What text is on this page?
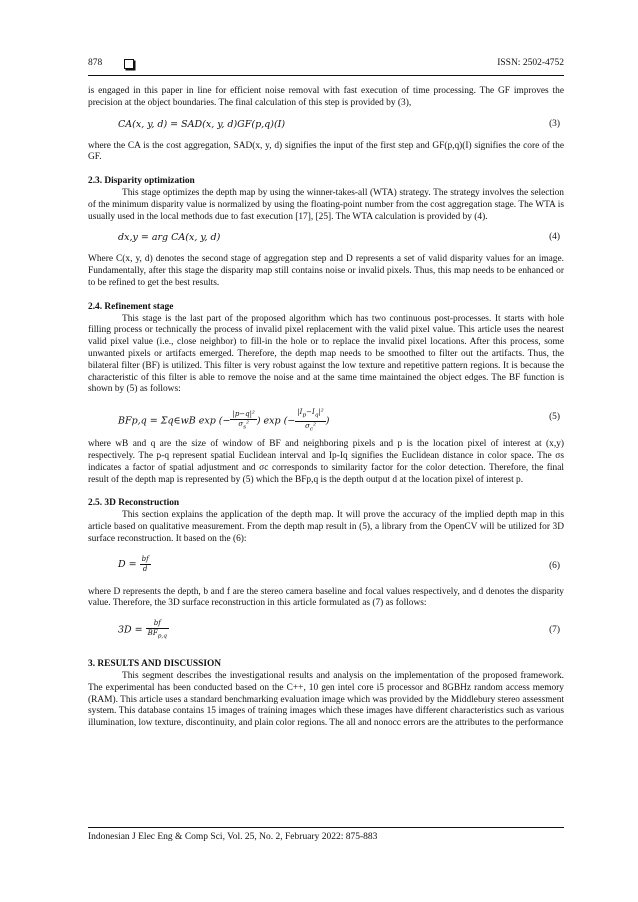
878	ISSN: 2502-4752

is engaged in this paper in line for efficient noise removal with fast execution of time processing. The GF improves the precision at the object boundaries. The final calculation of this step is provided by (3),

CA(x, y, d) = SAD(x, y, d)GF(p,q)(I)	(3)

where the CA is the cost aggregation, SAD(x, y, d) signifies the input of the first step and GF(p,q)(I) signifies the core of the GF.

2.3. Disparity optimization

This stage optimizes the depth map by using the winner-takes-all (WTA) strategy. The strategy involves the selection of the minimum disparity value is normalized by using the floating-point number from the cost aggregation stage. The WTA is usually used in the local methods due to fast execution [17], [25]. The WTA calculation is provided by (4).

dx,y = arg CA(x, y, d)	(4)

Where C(x, y, d) denotes the second stage of aggregation step and D represents a set of valid disparity values for an image. Fundamentally, after this stage the disparity map still contains noise or invalid pixels. Thus, this map needs to be enhanced or to be refined to get the best results.

2.4. Refinement stage

This stage is the last part of the proposed algorithm which has two continuous post-processes. It starts with hole filling process or technically the process of invalid pixel replacement with the valid pixel value. This article uses the nearest valid pixel value (i.e., close neighbor) to fill-in the hole or to replace the invalid pixel locations. After this process, some unwanted pixels or artifacts emerged. Therefore, the depth map needs to be smoothed to filter out the artifacts. Thus, the bilateral filter (BF) is utilized. This filter is very robust against the low texture and repetitive pattern regions. It is because the characteristic of this filter is able to remove the noise and at the same time maintained the object edges. The BF function is shown by (5) as follows:

BFp,q = Σq∈wB exp (− $\frac{\text{|p−q|²}}{\sigma_s^2}$ ) exp (− $\frac{|I_p-I_q|^2}{\sigma_c^2}$ )	(5)

where wB and q are the size of window of BF and neighboring pixels and p is the location pixel of interest at (x,y) respectively. The p-q represent spatial Euclidean interval and Ip-Iq signifies the Euclidean distance in color space. The σs indicates a factor of spatial adjustment and σc corresponds to similarity factor for the color detection. Therefore, the final result of the depth map is represented by (5) which the BFp,q is the depth output d at the location pixel of interest p.

2.5. 3D Reconstruction

This section explains the application of the depth map. It will prove the accuracy of the implied depth map in this article based on qualitative measurement. From the depth map result in (5), a library from the OpenCV will be utilized for 3D surface reconstruction. It based on the (6):

$D = \frac{bf}{d}$	(6)

where D represents the depth, b and f are the stereo camera baseline and focal values respectively, and d denotes the disparity value. Therefore, the 3D surface reconstruction in this article formulated as (7) as follows:

$3D = \frac{bf}{BF_{p,q}}$	(7)
3. RESULTS AND DISCUSSION

This segment describes the investigational results and analysis on the implementation of the proposed framework. The experimental has been conducted based on the C++, 10 gen intel core i5 processor and 8GBHz random access memory (RAM). This article uses a standard benchmarking evaluation image which was provided by the Middlebury stereo assessment system. This database contains 15 images of training images which these images have different characteristics such as various illumination, low texture, discontinuity, and plain color regions. The all and nonocc errors are the attributes to the performance

Indonesian J Elec Eng & Comp Sci, Vol. 25, No. 2, February 2022: 875-883
